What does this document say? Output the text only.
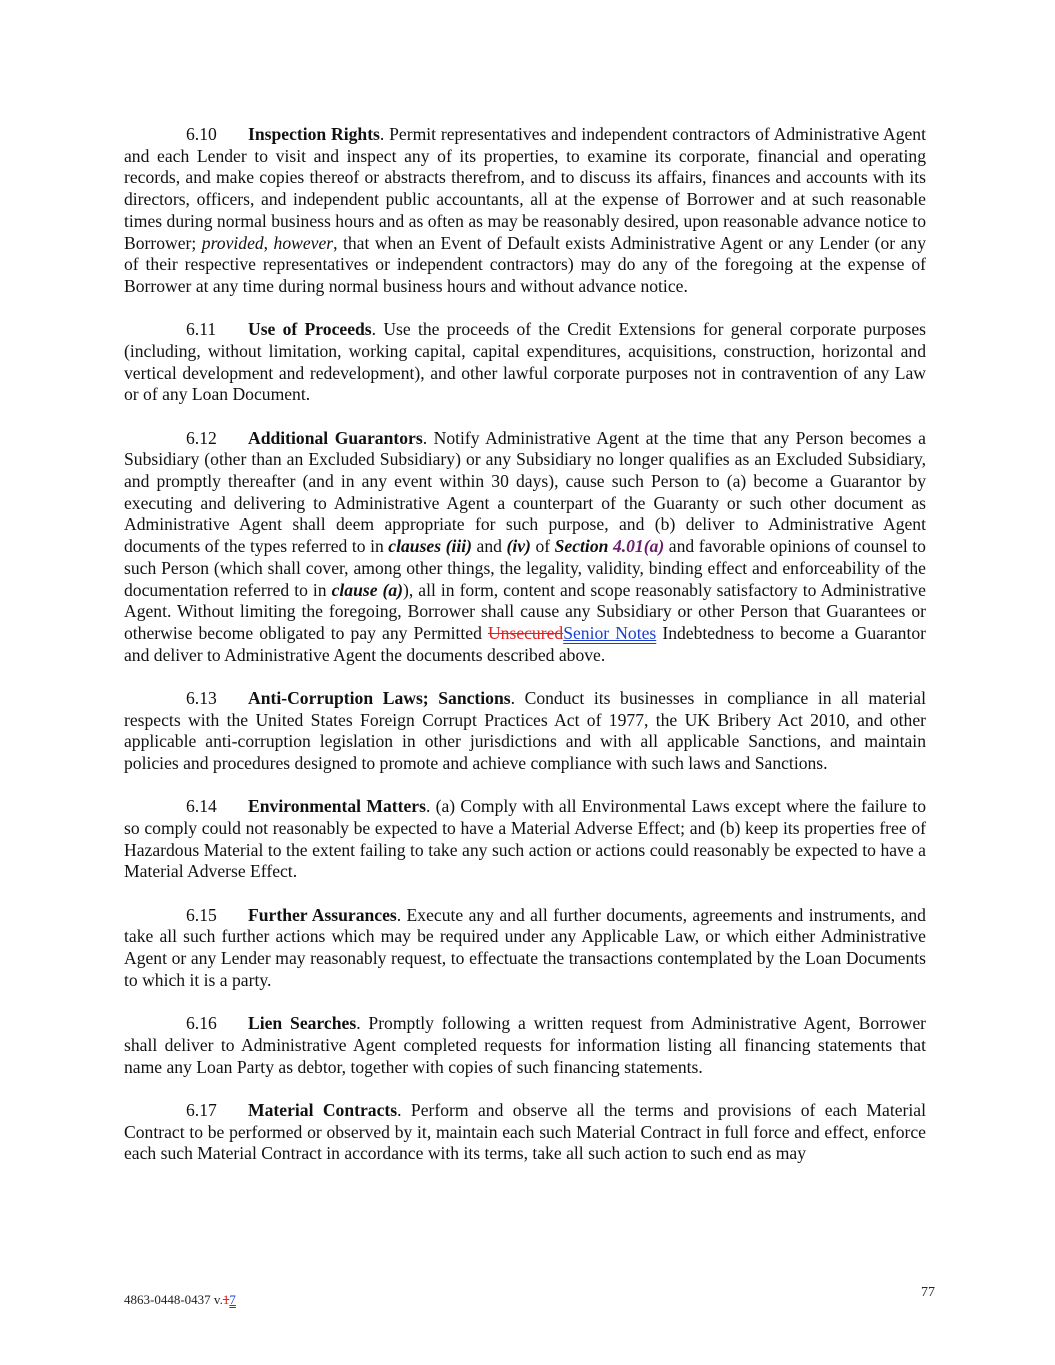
6.10 Inspection Rights. Permit representatives and independent contractors of Administrative Agent and each Lender to visit and inspect any of its properties, to examine its corporate, financial and operating records, and make copies thereof or abstracts therefrom, and to discuss its affairs, finances and accounts with its directors, officers, and independent public accountants, all at the expense of Borrower and at such reasonable times during normal business hours and as often as may be reasonably desired, upon reasonable advance notice to Borrower; provided, however, that when an Event of Default exists Administrative Agent or any Lender (or any of their respective representatives or independent contractors) may do any of the foregoing at the expense of Borrower at any time during normal business hours and without advance notice.

6.11 Use of Proceeds. Use the proceeds of the Credit Extensions for general corporate purposes (including, without limitation, working capital, capital expenditures, acquisitions, construction, horizontal and vertical development and redevelopment), and other lawful corporate purposes not in contravention of any Law or of any Loan Document.

6.12 Additional Guarantors. Notify Administrative Agent at the time that any Person becomes a Subsidiary (other than an Excluded Subsidiary) or any Subsidiary no longer qualifies as an Excluded Subsidiary, and promptly thereafter (and in any event within 30 days), cause such Person to (a) become a Guarantor by executing and delivering to Administrative Agent a counterpart of the Guaranty or such other document as Administrative Agent shall deem appropriate for such purpose, and (b) deliver to Administrative Agent documents of the types referred to in clauses (iii) and (iv) of Section 4.01(a) and favorable opinions of counsel to such Person (which shall cover, among other things, the legality, validity, binding effect and enforceability of the documentation referred to in clause (a)), all in form, content and scope reasonably satisfactory to Administrative Agent. Without limiting the foregoing, Borrower shall cause any Subsidiary or other Person that Guarantees or otherwise become obligated to pay any Permitted UnsecuredSenior Notes Indebtedness to become a Guarantor and deliver to Administrative Agent the documents described above.

6.13 Anti-Corruption Laws; Sanctions. Conduct its businesses in compliance in all material respects with the United States Foreign Corrupt Practices Act of 1977, the UK Bribery Act 2010, and other applicable anti-corruption legislation in other jurisdictions and with all applicable Sanctions, and maintain policies and procedures designed to promote and achieve compliance with such laws and Sanctions.

6.14 Environmental Matters. (a) Comply with all Environmental Laws except where the failure to so comply could not reasonably be expected to have a Material Adverse Effect; and (b) keep its properties free of Hazardous Material to the extent failing to take any such action or actions could reasonably be expected to have a Material Adverse Effect.

6.15 Further Assurances. Execute any and all further documents, agreements and instruments, and take all such further actions which may be required under any Applicable Law, or which either Administrative Agent or any Lender may reasonably request, to effectuate the transactions contemplated by the Loan Documents to which it is a party.

6.16 Lien Searches. Promptly following a written request from Administrative Agent, Borrower shall deliver to Administrative Agent completed requests for information listing all financing statements that name any Loan Party as debtor, together with copies of such financing statements.

6.17 Material Contracts. Perform and observe all the terms and provisions of each Material Contract to be performed or observed by it, maintain each such Material Contract in full force and effect, enforce each such Material Contract in accordance with its terms, take all such action to such end as may

4863-0448-0437 v.17	77
